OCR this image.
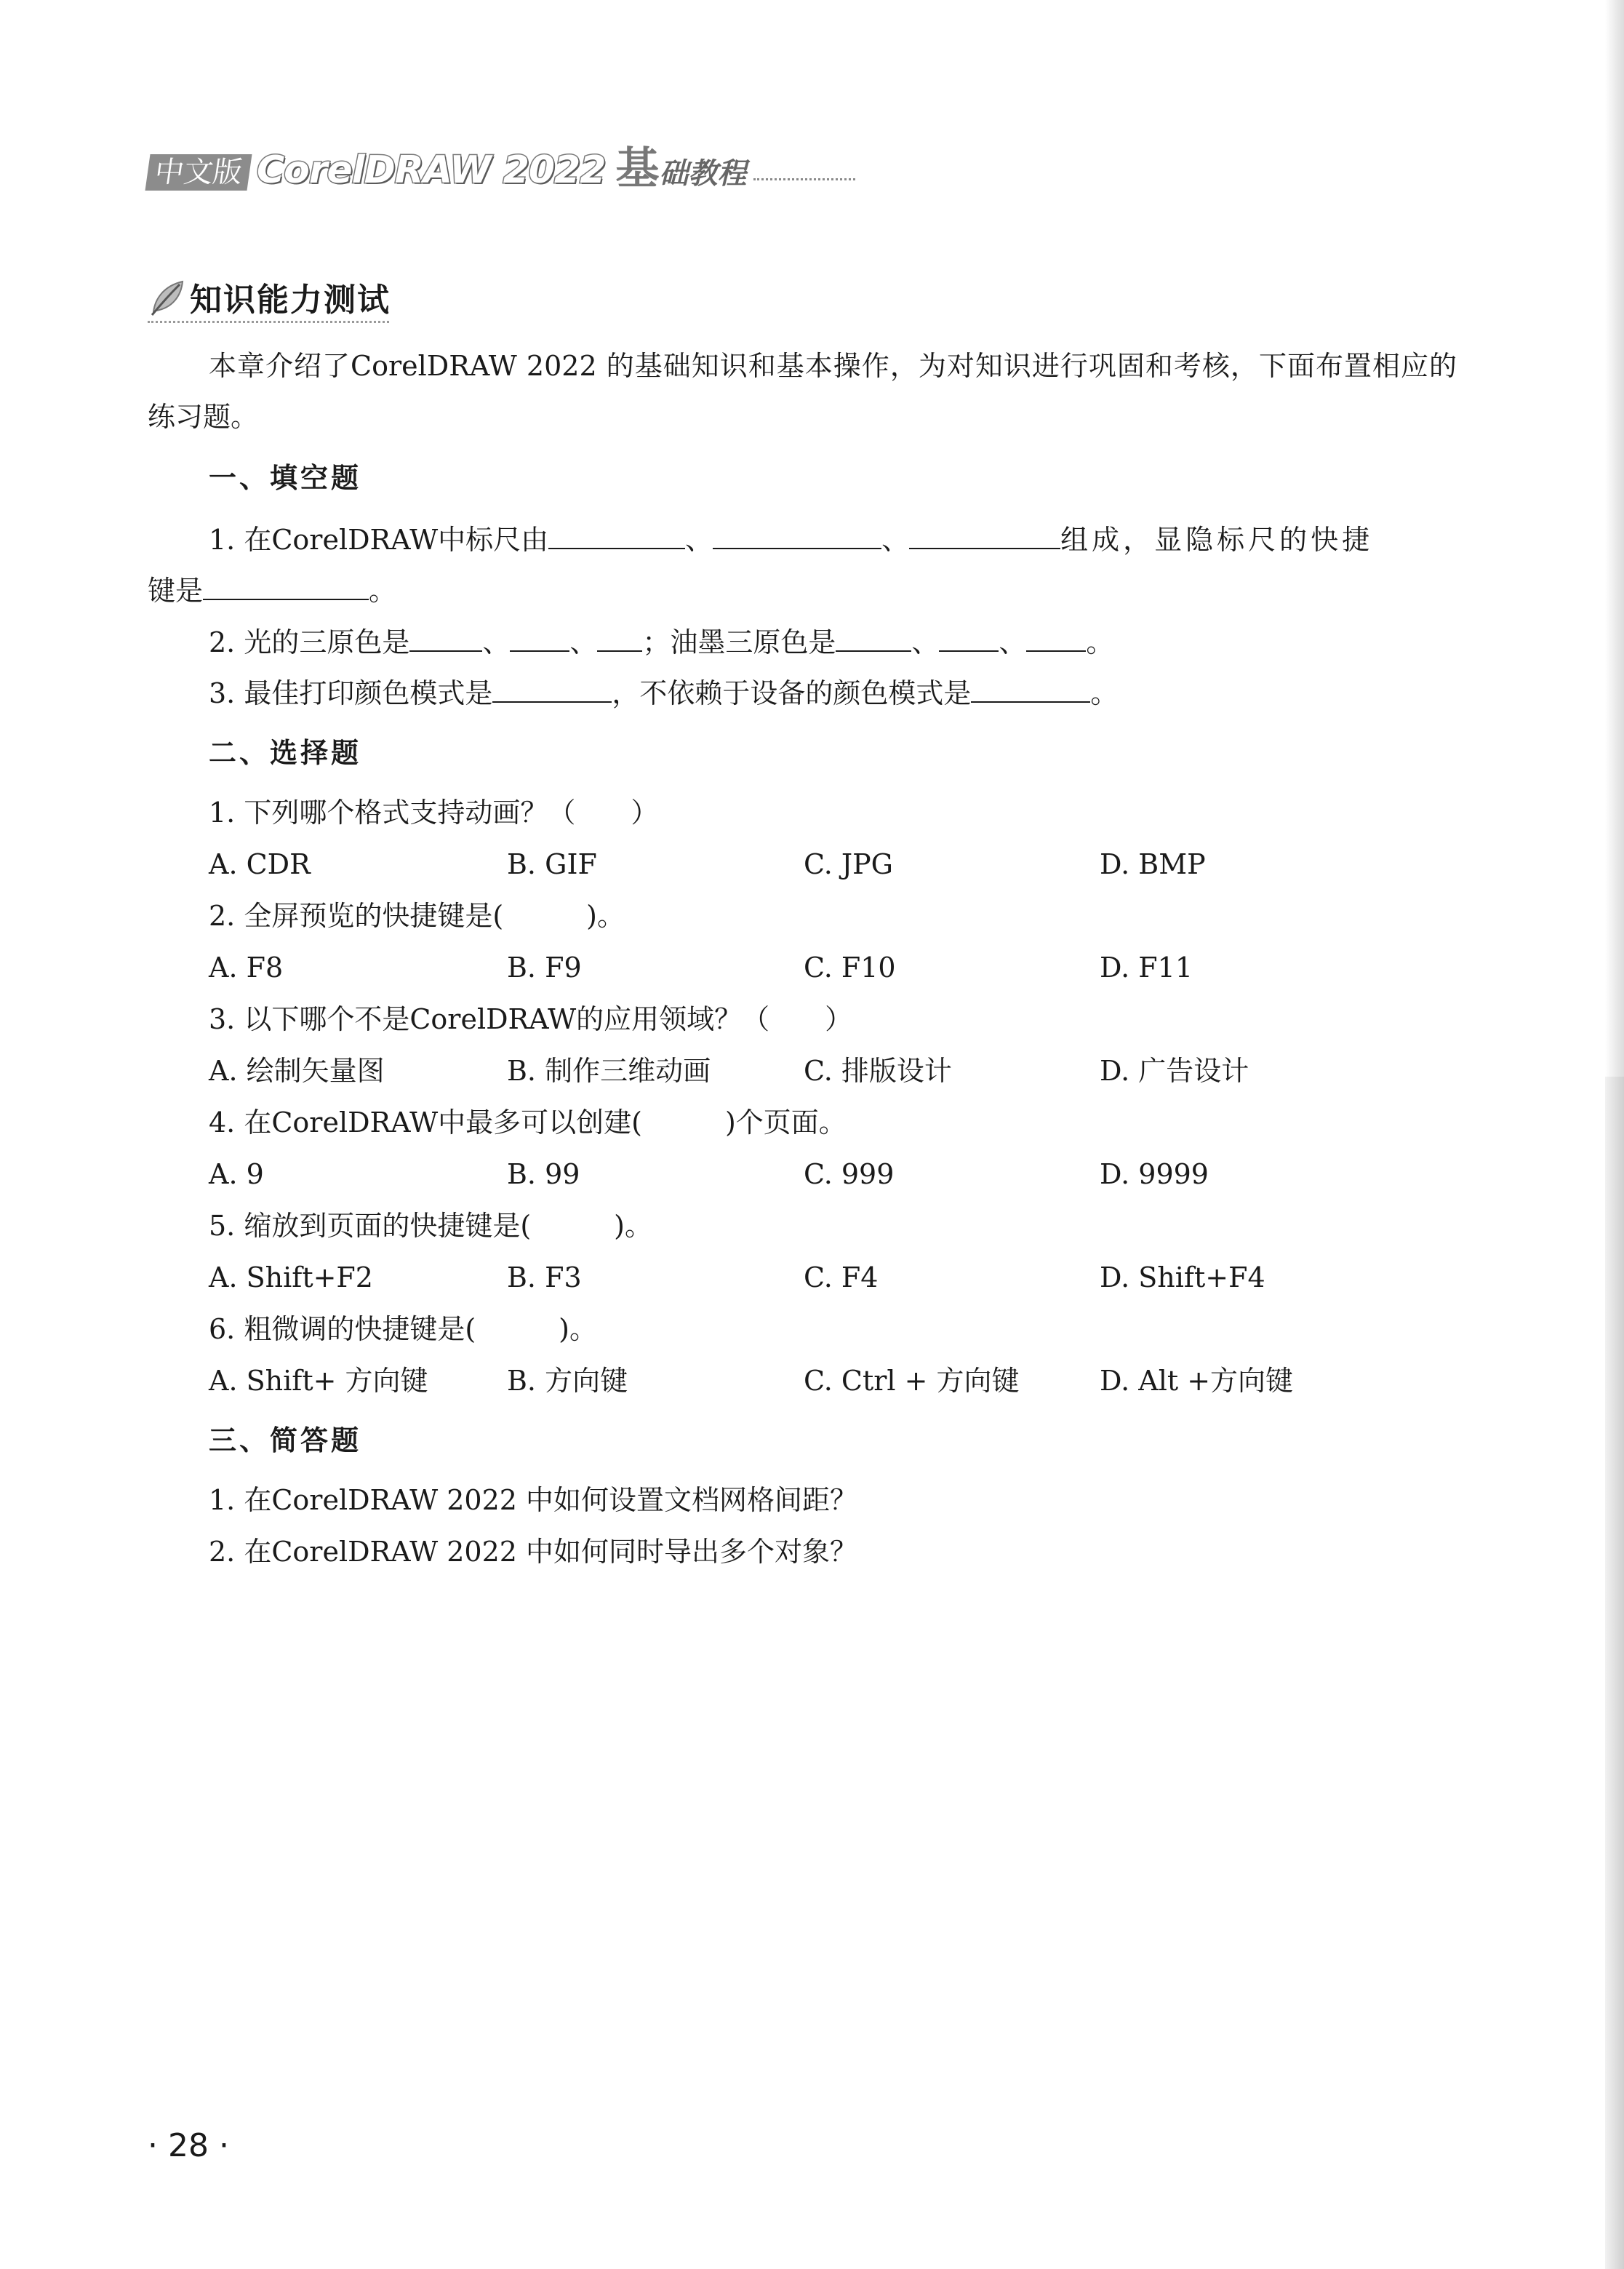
中文版 CorelDRAW 2022 基 础教程
知识能力测试

本章介绍了CorelDRAW 2022 的基础知识和基本操作，为对知识进行巩固和考核，下面布置相应的练习题。

一、填空题

1. 在CorelDRAW中标尺由	、	、	组成，显隐标尺的快捷

键是	。

2. 光的三原色是	、 、 ；油墨三原色是	、 、 。

3. 最佳打印颜色模式是	，不依赖于设备的颜色模式是	。

二、选择题

1. 下列哪个格式支持动画？（　　）

A. CDR	B. GIF	C. JPG	D. BMP

2. 全屏预览的快捷键是(　　　)。

A. F8	B. F9	C. F10	D. F11

3. 以下哪个不是CorelDRAW的应用领域？（　　）

A. 绘制矢量图	B. 制作三维动画	C. 排版设计	D. 广告设计

4. 在CorelDRAW中最多可以创建(　　　)个页面。

A. 9	B. 99	C. 999	D. 9999

5. 缩放到页面的快捷键是(　　　)。

A. Shift+F2	B. F3	C. F4	D. Shift+F4

6. 粗微调的快捷键是(　　　)。

A. Shift+ 方向键	B. 方向键	C. Ctrl + 方向键	D. Alt +方向键

三、简答题

1. 在CorelDRAW 2022 中如何设置文档网格间距？

2. 在CorelDRAW 2022 中如何同时导出多个对象？

· 28 ·
